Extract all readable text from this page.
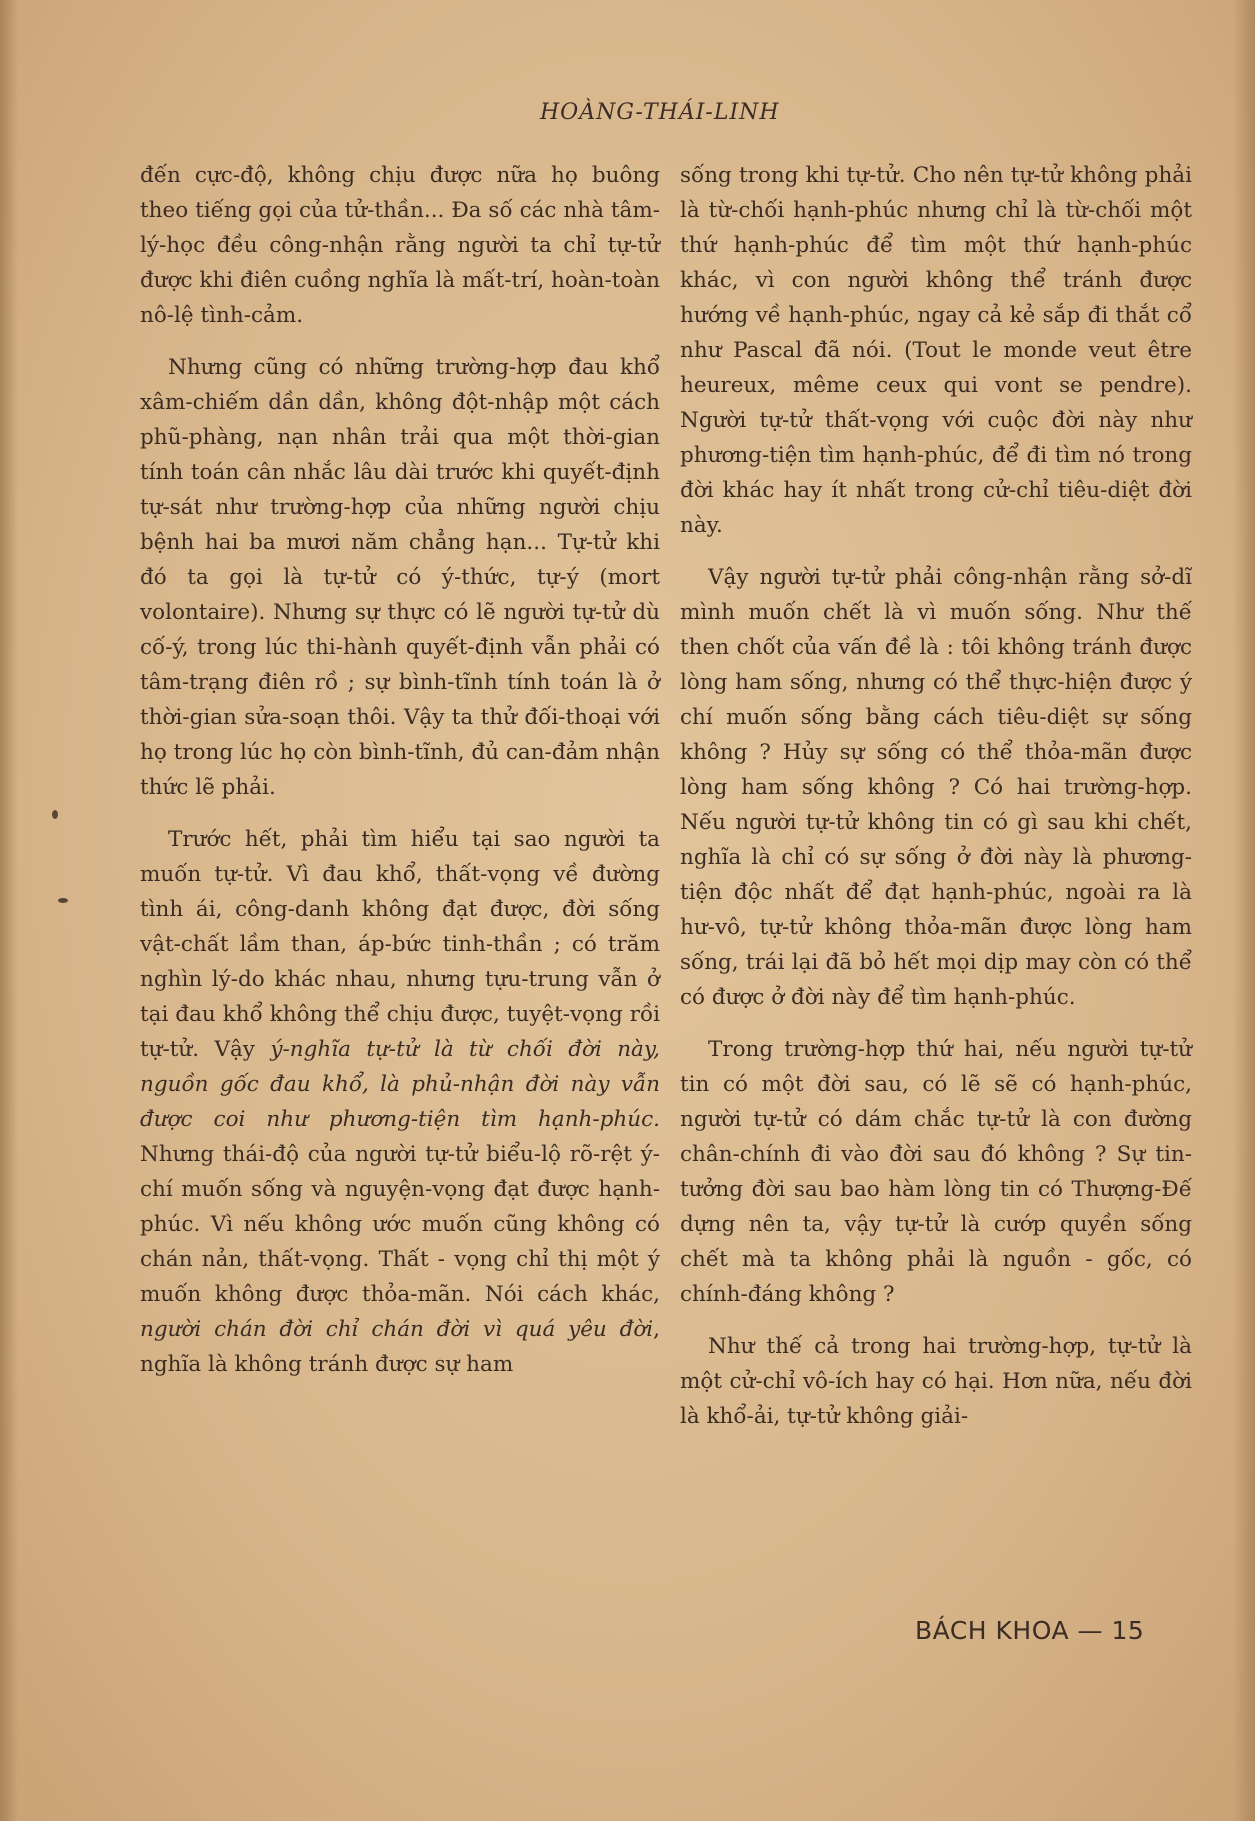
HOÀNG-THÁI-LINH

đến cực-độ, không chịu được nữa họ buông theo tiếng gọi của tử-thần... Đa số các nhà tâm-lý-học đều công-nhận rằng người ta chỉ tự-tử được khi điên cuồng nghĩa là mất-trí, hoàn-toàn nô-lệ tình-cảm.

Nhưng cũng có những trường-hợp đau khổ xâm-chiếm dần dần, không đột-nhập một cách phũ-phàng, nạn nhân trải qua một thời-gian tính toán cân nhắc lâu dài trước khi quyết-định tự-sát như trường-hợp của những người chịu bệnh hai ba mươi năm chẳng hạn... Tự-tử khi đó ta gọi là tự-tử có ý-thức, tự-ý (mort volontaire). Nhưng sự thực có lẽ người tự-tử dù cố-ý, trong lúc thi-hành quyết-định vẫn phải có tâm-trạng điên rồ ; sự bình-tĩnh tính toán là ở thời-gian sửa-soạn thôi. Vậy ta thử đối-thoại với họ trong lúc họ còn bình-tĩnh, đủ can-đảm nhận thức lẽ phải.

Trước hết, phải tìm hiểu tại sao người ta muốn tự-tử. Vì đau khổ, thất-vọng về đường tình ái, công-danh không đạt được, đời sống vật-chất lầm than, áp-bức tinh-thần ; có trăm nghìn lý-do khác nhau, nhưng tựu-trung vẫn ở tại đau khổ không thể chịu được, tuyệt-vọng rồi tự-tử. Vậy ý-nghĩa tự-tử là từ chối đời này, nguồn gốc đau khổ, là phủ-nhận đời này vẫn được coi như phương-tiện tìm hạnh-phúc. Nhưng thái-độ của người tự-tử biểu-lộ rõ-rệt ý-chí muốn sống và nguyện-vọng đạt được hạnh-phúc. Vì nếu không ước muốn cũng không có chán nản, thất-vọng. Thất - vọng chỉ thị một ý muốn không được thỏa-mãn. Nói cách khác, người chán đời chỉ chán đời vì quá yêu đời, nghĩa là không tránh được sự ham

sống trong khi tự-tử. Cho nên tự-tử không phải là từ-chối hạnh-phúc nhưng chỉ là từ-chối một thứ hạnh-phúc để tìm một thứ hạnh-phúc khác, vì con người không thể tránh được hướng về hạnh-phúc, ngay cả kẻ sắp đi thắt cổ như Pascal đã nói. (Tout le monde veut être heureux, même ceux qui vont se pendre). Người tự-tử thất-vọng với cuộc đời này như phương-tiện tìm hạnh-phúc, để đi tìm nó trong đời khác hay ít nhất trong cử-chỉ tiêu-diệt đời này.

Vậy người tự-tử phải công-nhận rằng sở-dĩ mình muốn chết là vì muốn sống. Như thế then chốt của vấn đề là : tôi không tránh được lòng ham sống, nhưng có thể thực-hiện được ý chí muốn sống bằng cách tiêu-diệt sự sống không ? Hủy sự sống có thể thỏa-mãn được lòng ham sống không ? Có hai trường-hợp. Nếu người tự-tử không tin có gì sau khi chết, nghĩa là chỉ có sự sống ở đời này là phương-tiện độc nhất để đạt hạnh-phúc, ngoài ra là hư-vô, tự-tử không thỏa-mãn được lòng ham sống, trái lại đã bỏ hết mọi dịp may còn có thể có được ở đời này để tìm hạnh-phúc.

Trong trường-hợp thứ hai, nếu người tự-tử tin có một đời sau, có lẽ sẽ có hạnh-phúc, người tự-tử có dám chắc tự-tử là con đường chân-chính đi vào đời sau đó không ? Sự tin-tưởng đời sau bao hàm lòng tin có Thượng-Đế dựng nên ta, vậy tự-tử là cướp quyền sống chết mà ta không phải là nguồn - gốc, có chính-đáng không ?

Như thế cả trong hai trường-hợp, tự-tử là một cử-chỉ vô-ích hay có hại. Hơn nữa, nếu đời là khổ-ải, tự-tử không giải-

BÁCH KHOA — 15
